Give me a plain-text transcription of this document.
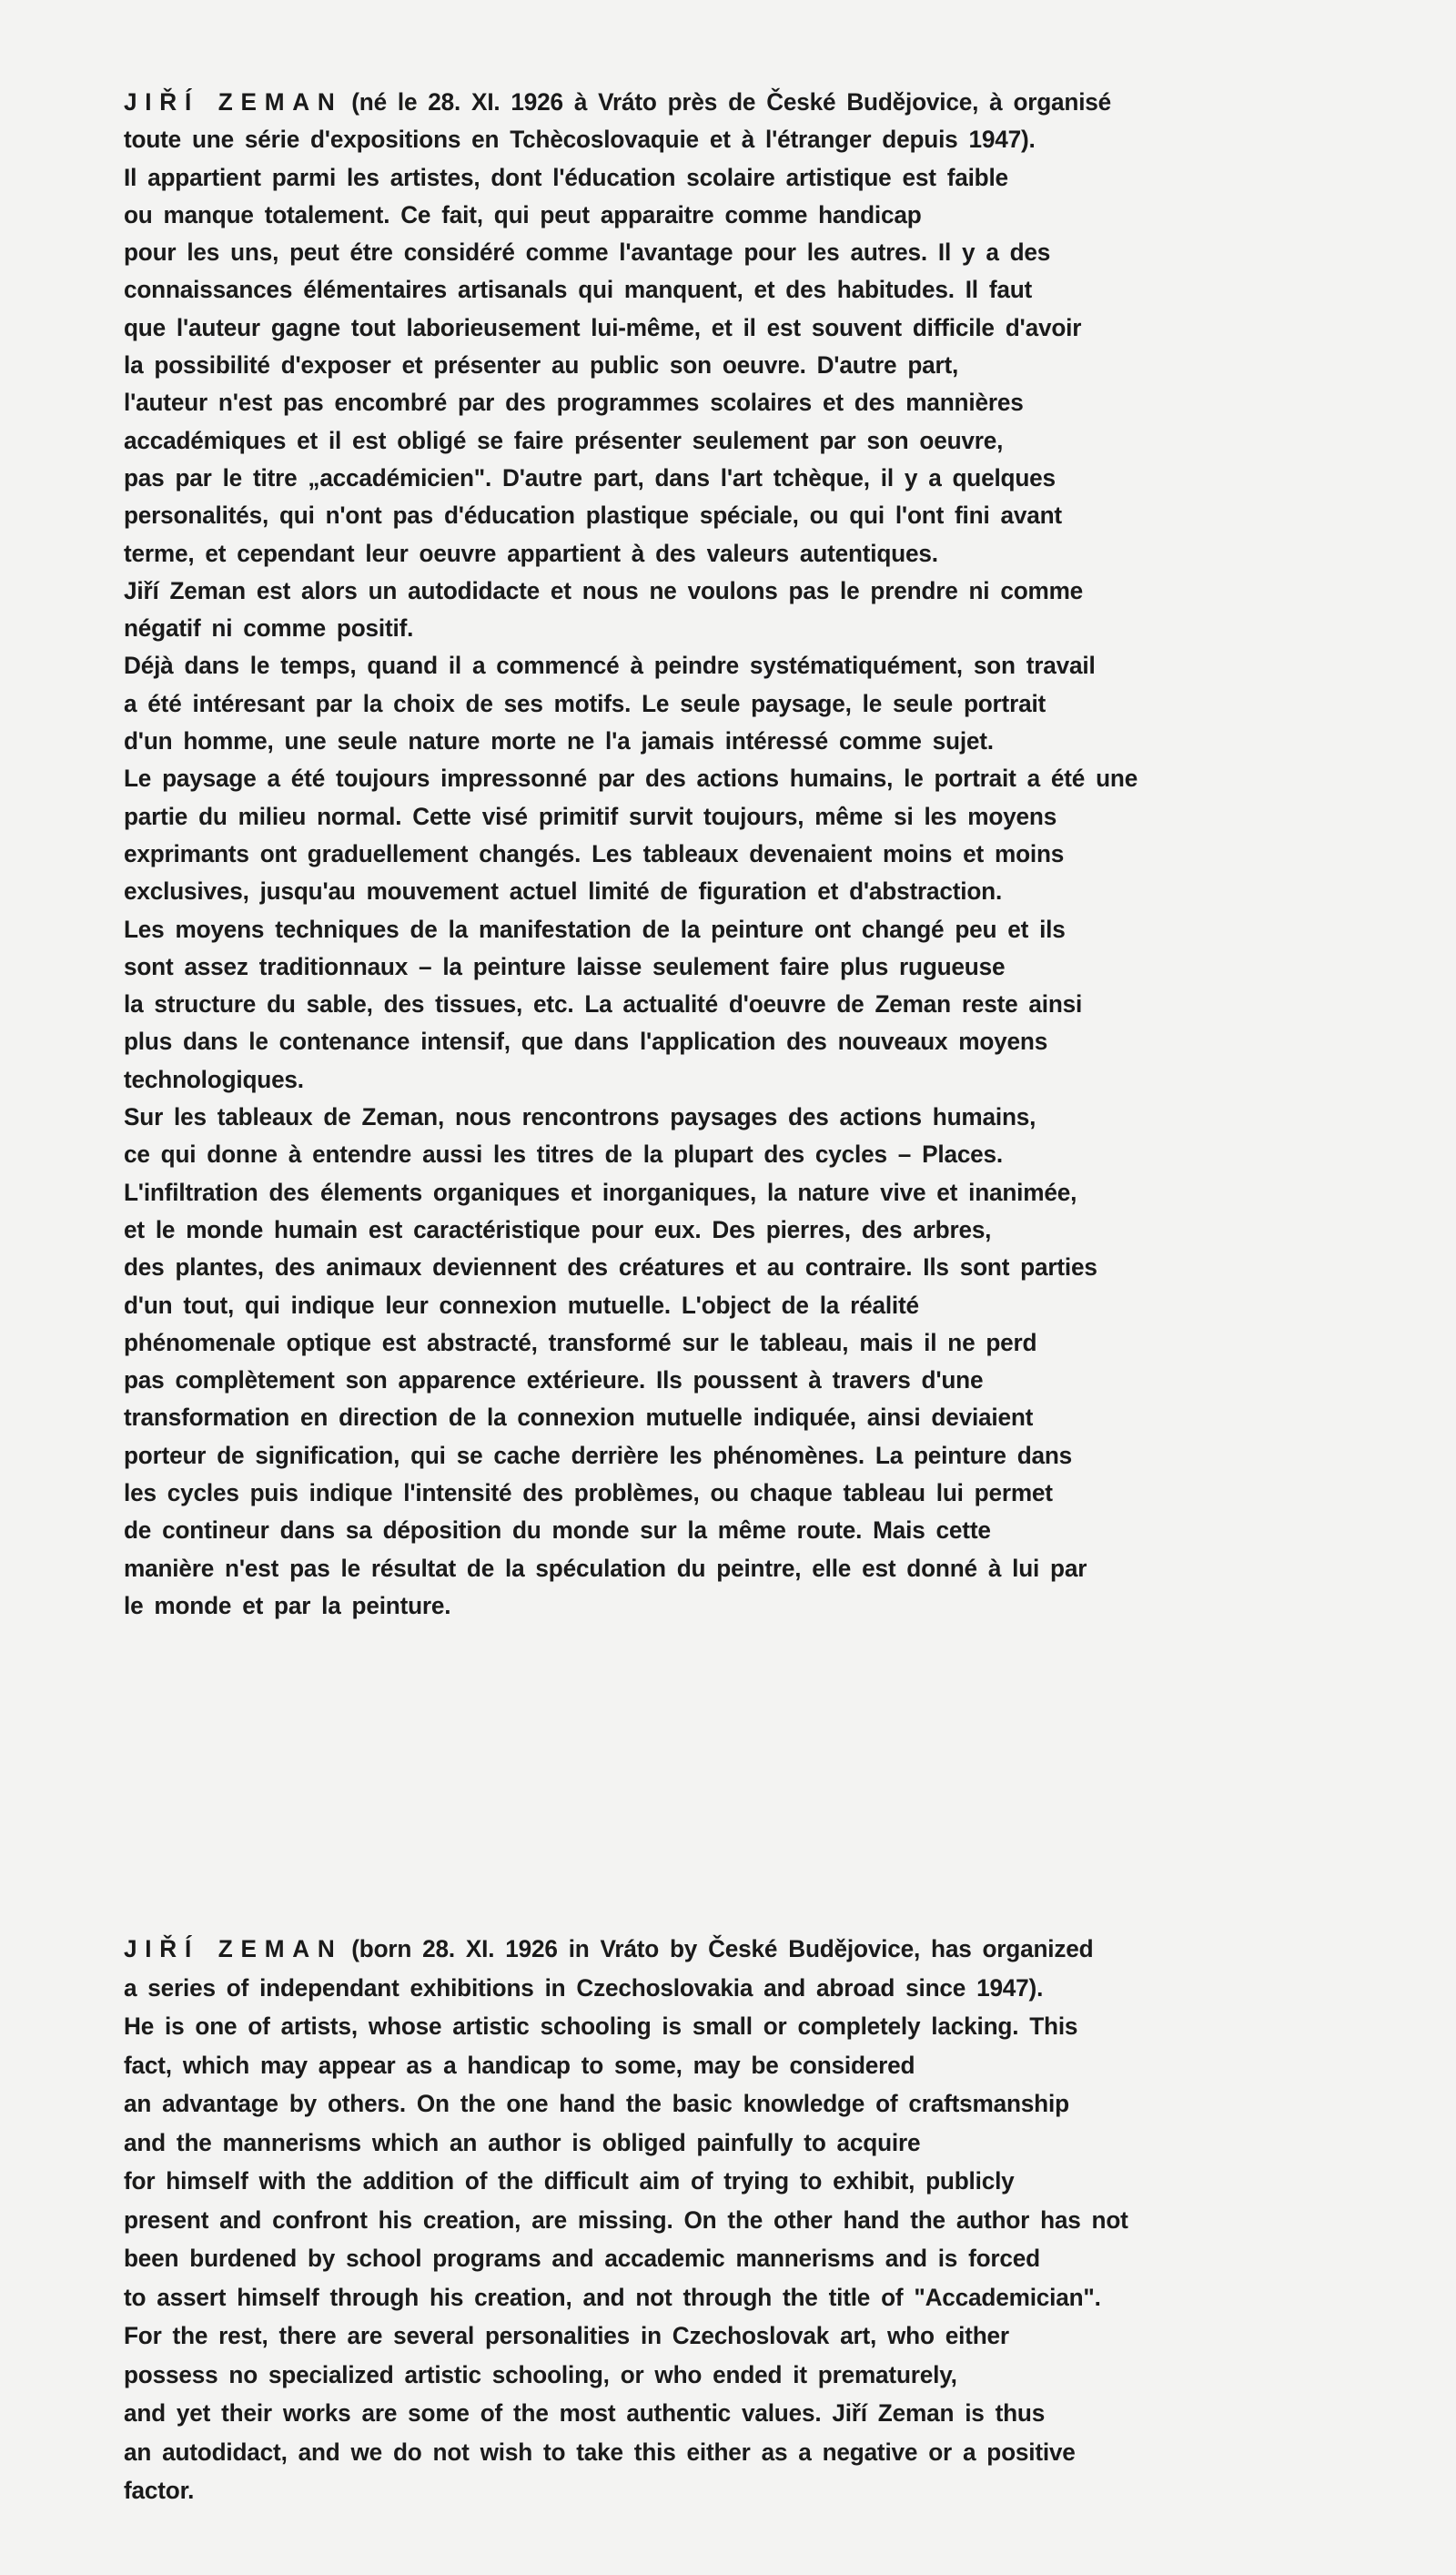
JIŘÍ ZEMAN (né le 28. XI. 1926 à Vráto près de České Budějovice, à organisé
toute une série d'expositions en Tchècoslovaquie et à l'étranger depuis 1947).
Il appartient parmi les artistes, dont l'éducation scolaire artistique est faible
ou manque totalement. Ce fait, qui peut apparaitre comme handicap
pour les uns, peut étre considéré comme l'avantage pour les autres. Il y a des
connaissances élémentaires artisanals qui manquent, et des habitudes. Il faut
que l'auteur gagne tout laborieusement lui-même, et il est souvent difficile d'avoir
la possibilité d'exposer et présenter au public son oeuvre. D'autre part,
l'auteur n'est pas encombré par des programmes scolaires et des mannières
accadémiques et il est obligé se faire présenter seulement par son oeuvre,
pas par le titre „accadémicien". D'autre part, dans l'art tchèque, il y a quelques
personalités, qui n'ont pas d'éducation plastique spéciale, ou qui l'ont fini avant
terme, et cependant leur oeuvre appartient à des valeurs autentiques.
Jiří Zeman est alors un autodidacte et nous ne voulons pas le prendre ni comme
négatif ni comme positif.
Déjà dans le temps, quand il a commencé à peindre systématiquément, son travail
a été intéresant par la choix de ses motifs. Le seule paysage, le seule portrait
d'un homme, une seule nature morte ne l'a jamais intéressé comme sujet.
Le paysage a été toujours impressonné par des actions humains, le portrait a été une
partie du milieu normal. Cette visé primitif survit toujours, même si les moyens
exprimants ont graduellement changés. Les tableaux devenaient moins et moins
exclusives, jusqu'au mouvement actuel limité de figuration et d'abstraction.
Les moyens techniques de la manifestation de la peinture ont changé peu et ils
sont assez traditionnaux – la peinture laisse seulement faire plus rugueuse
la structure du sable, des tissues, etc. La actualité d'oeuvre de Zeman reste ainsi
plus dans le contenance intensif, que dans l'application des nouveaux moyens
technologiques.
Sur les tableaux de Zeman, nous rencontrons paysages des actions humains,
ce qui donne à entendre aussi les titres de la plupart des cycles – Places.
L'infiltration des élements organiques et inorganiques, la nature vive et inanimée,
et le monde humain est caractéristique pour eux. Des pierres, des arbres,
des plantes, des animaux deviennent des créatures et au contraire. Ils sont parties
d'un tout, qui indique leur connexion mutuelle. L'object de la réalité
phénomenale optique est abstracté, transformé sur le tableau, mais il ne perd
pas complètement son apparence extérieure. Ils poussent à travers d'une
transformation en direction de la connexion mutuelle indiquée, ainsi deviaient
porteur de signification, qui se cache derrière les phénomènes. La peinture dans
les cycles puis indique l'intensité des problèmes, ou chaque tableau lui permet
de contineur dans sa déposition du monde sur la même route. Mais cette
manière n'est pas le résultat de la spéculation du peintre, elle est donné à lui par
le monde et par la peinture.
JIŘÍ ZEMAN (born 28. XI. 1926 in Vráto by České Budějovice, has organized
a series of independant exhibitions in Czechoslovakia and abroad since 1947).
He is one of artists, whose artistic schooling is small or completely lacking. This
fact, which may appear as a handicap to some, may be considered
an advantage by others. On the one hand the basic knowledge of craftsmanship
and the mannerisms which an author is obliged painfully to acquire
for himself with the addition of the difficult aim of trying to exhibit, publicly
present and confront his creation, are missing. On the other hand the author has not
been burdened by school programs and accademic mannerisms and is forced
to assert himself through his creation, and not through the title of "Accademician".
For the rest, there are several personalities in Czechoslovak art, who either
possess no specialized artistic schooling, or who ended it prematurely,
and yet their works are some of the most authentic values. Jiří Zeman is thus
an autodidact, and we do not wish to take this either as a negative or a positive
factor.
